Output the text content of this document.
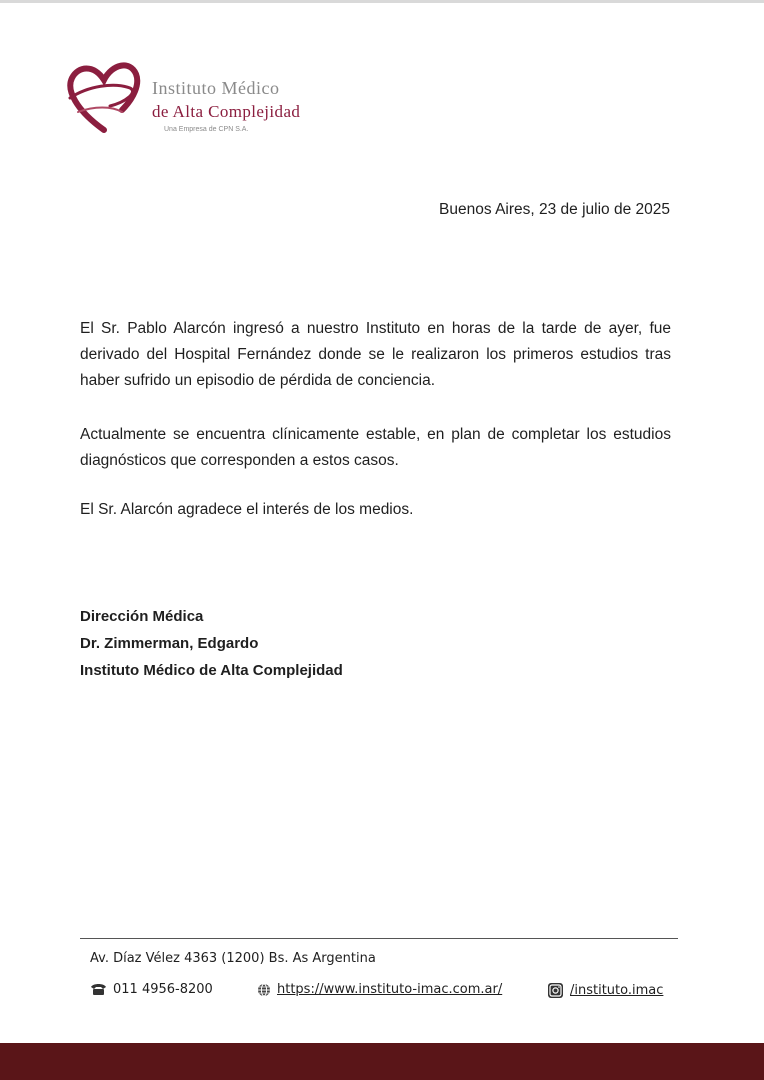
Instituto Médico
de Alta Complejidad
Una Empresa de CPN S.A.
Buenos Aires, 23 de julio de 2025

El Sr. Pablo Alarcón ingresó a nuestro Instituto en horas de la tarde de ayer, fue derivado del Hospital Fernández donde se le realizaron los primeros estudios tras haber sufrido un episodio de pérdida de conciencia.

Actualmente se encuentra clínicamente estable, en plan de completar los estudios diagnósticos que corresponden a estos casos.

El Sr. Alarcón agradece el interés de los medios.

Dirección Médica
Dr. Zimmerman, Edgardo
Instituto Médico de Alta Complejidad
Av. Díaz Vélez 4363 (1200) Bs. As Argentina
011 4956-8200	https://www.instituto-imac.com.ar/	/instituto.imac
